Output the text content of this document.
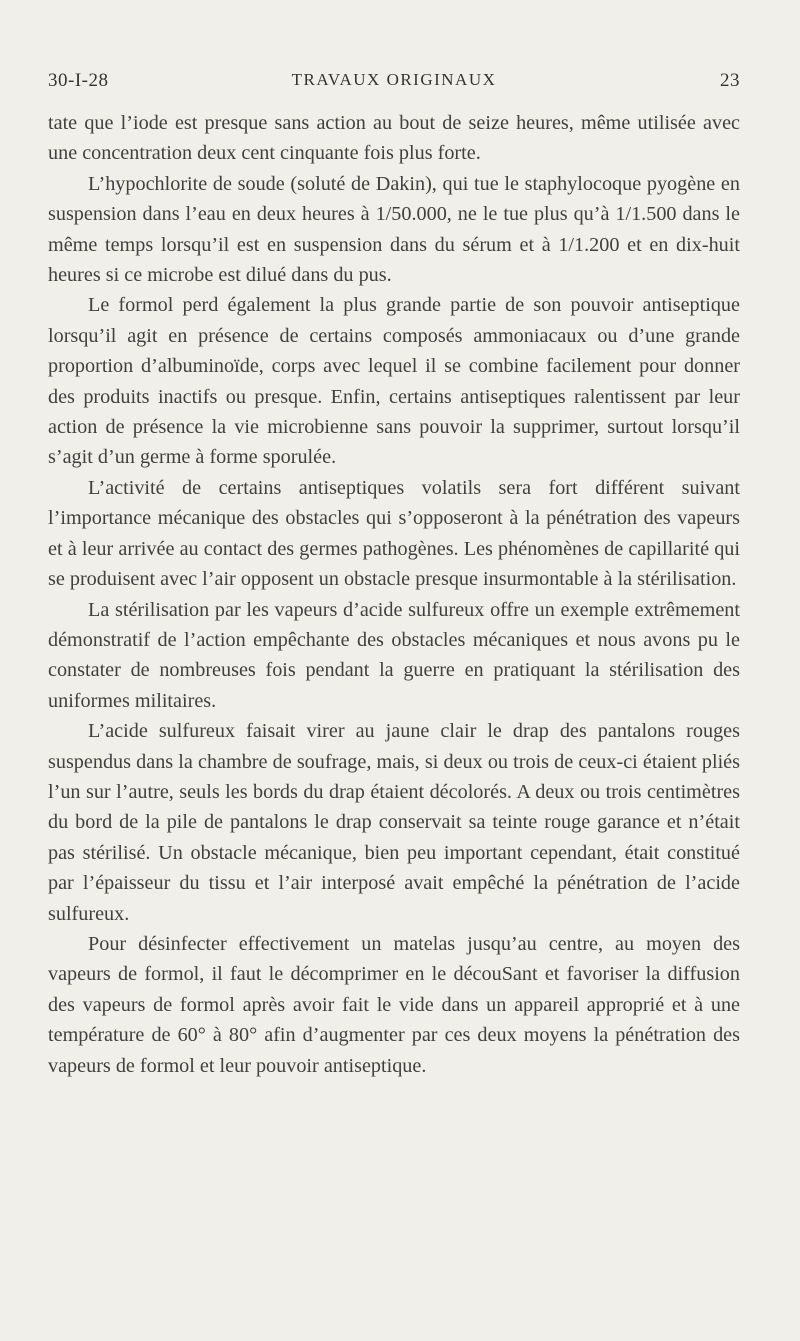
30-I-28	TRAVAUX ORIGINAUX	23

tate que l’iode est presque sans action au bout de seize heures, même utilisée avec une concentration deux cent cinquante fois plus forte.

L’hypochlorite de soude (soluté de Dakin), qui tue le staphylocoque pyogène en suspension dans l’eau en deux heures à 1/50.000, ne le tue plus qu’à 1/1.500 dans le même temps lorsqu’il est en suspension dans du sérum et à 1/1.200 et en dix-huit heures si ce microbe est dilué dans du pus.

Le formol perd également la plus grande partie de son pouvoir antiseptique lorsqu’il agit en présence de certains composés ammoniacaux ou d’une grande proportion d’albuminoïde, corps avec lequel il se combine facilement pour donner des produits inactifs ou presque. Enfin, certains antiseptiques ralentissent par leur action de présence la vie microbienne sans pouvoir la supprimer, surtout lorsqu’il s’agit d’un germe à forme sporulée.

L’activité de certains antiseptiques volatils sera fort différent suivant l’importance mécanique des obstacles qui s’opposeront à la pénétration des vapeurs et à leur arrivée au contact des germes pathogènes. Les phénomènes de capillarité qui se produisent avec l’air opposent un obstacle presque insurmontable à la stérilisation.

La stérilisation par les vapeurs d’acide sulfureux offre un exemple extrêmement démonstratif de l’action empêchante des obstacles mécaniques et nous avons pu le constater de nombreuses fois pendant la guerre en pratiquant la stérilisation des uniformes militaires.

L’acide sulfureux faisait virer au jaune clair le drap des pantalons rouges suspendus dans la chambre de soufrage, mais, si deux ou trois de ceux-ci étaient pliés l’un sur l’autre, seuls les bords du drap étaient décolorés. A deux ou trois centimètres du bord de la pile de pantalons le drap conservait sa teinte rouge garance et n’était pas stérilisé. Un obstacle mécanique, bien peu important cependant, était constitué par l’épaisseur du tissu et l’air interposé avait empêché la pénétration de l’acide sulfureux.

Pour désinfecter effectivement un matelas jusqu’au centre, au moyen des vapeurs de formol, il faut le décomprimer en le découSant et favoriser la diffusion des vapeurs de formol après avoir fait le vide dans un appareil approprié et à une température de 60° à 80° afin d’augmenter par ces deux moyens la pénétration des vapeurs de formol et leur pouvoir antiseptique.
